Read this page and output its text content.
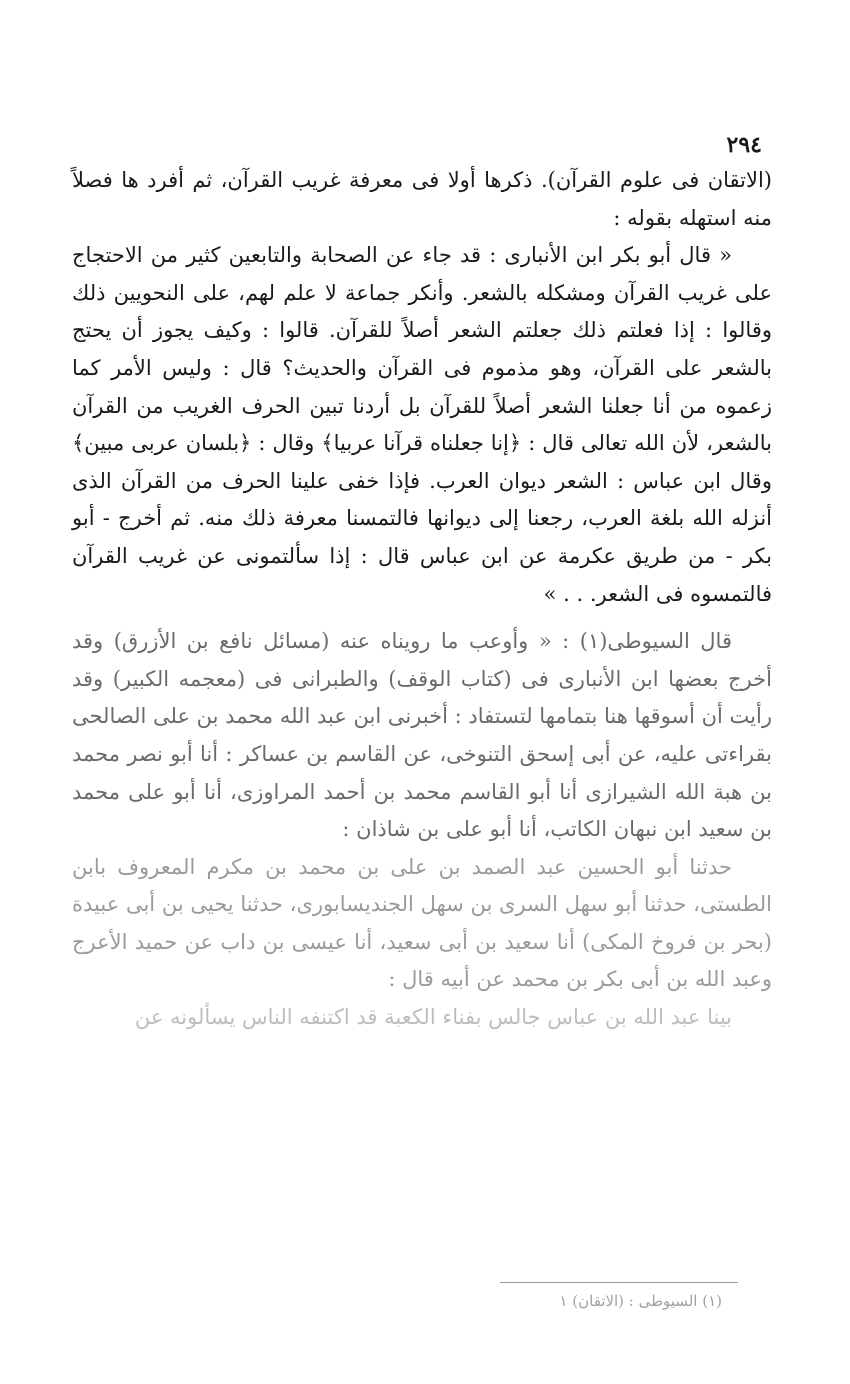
٢٩٤

(الاتقان فى علوم القرآن). ذكرها أولا فى معرفة غريب القرآن، ثم أفرد ها فصلاً منه استهله بقوله :

« قال أبو بكر ابن الأنبارى : قد جاء عن الصحابة والتابعين كثير من الاحتجاج على غريب القرآن ومشكله بالشعر. وأنكر جماعة لا علم لهم، على النحويين ذلك وقالوا : إذا فعلتم ذلك جعلتم الشعر أصلاً للقرآن. قالوا : وكيف يجوز أن يحتج بالشعر على القرآن، وهو مذموم فى القرآن والحديث؟ قال : وليس الأمر كما زعموه من أنا جعلنا الشعر أصلاً للقرآن بل أردنا تبين الحرف الغريب من القرآن بالشعر، لأن الله تعالى قال : ﴿إنا جعلناه قرآنا عربيا﴾ وقال : ﴿بلسان عربى مبين﴾ وقال ابن عباس : الشعر ديوان العرب. فإذا خفى علينا الحرف من القرآن الذى أنزله الله بلغة العرب، رجعنا إلى ديوانها فالتمسنا معرفة ذلك منه. ثم أخرج - أبو بكر - من طريق عكرمة عن ابن عباس قال : إذا سألتمونى عن غريب القرآن فالتمسوه فى الشعر. . . »

قال السيوطى(١) : « وأوعب ما رويناه عنه (مسائل نافع بن الأزرق) وقد أخرج بعضها ابن الأنبارى فى (كتاب الوقف) والطبرانى فى (معجمه الكبير) وقد رأيت أن أسوقها هنا بتمامها لتستفاد : أخبرنى ابن عبد الله محمد بن على الصالحى بقراءتى عليه، عن أبى إسحق التنوخى، عن القاسم بن عساكر : أنا أبو نصر محمد بن هبة الله الشيرازى أنا أبو القاسم محمد بن أحمد المراوزى، أنا أبو على محمد بن سعيد ابن نبهان الكاتب، أنا أبو على بن شاذان :

حدثنا أبو الحسين عبد الصمد بن على بن محمد بن مكرم المعروف بابن الطستى، حدثنا أبو سهل السرى بن سهل الجنديسابورى، حدثنا يحيى بن أبى عبيدة (بحر بن فروخ المكى) أنا سعيد بن أبى سعيد، أنا عيسى بن داب عن حميد الأعرج وعبد الله بن أبى بكر بن محمد عن أبيه قال :

بينا عبد الله بن عباس جالس بفناء الكعبة قد اكتنفه الناس يسألونه عن

(١) السيوطى : (الاتقان) ١
